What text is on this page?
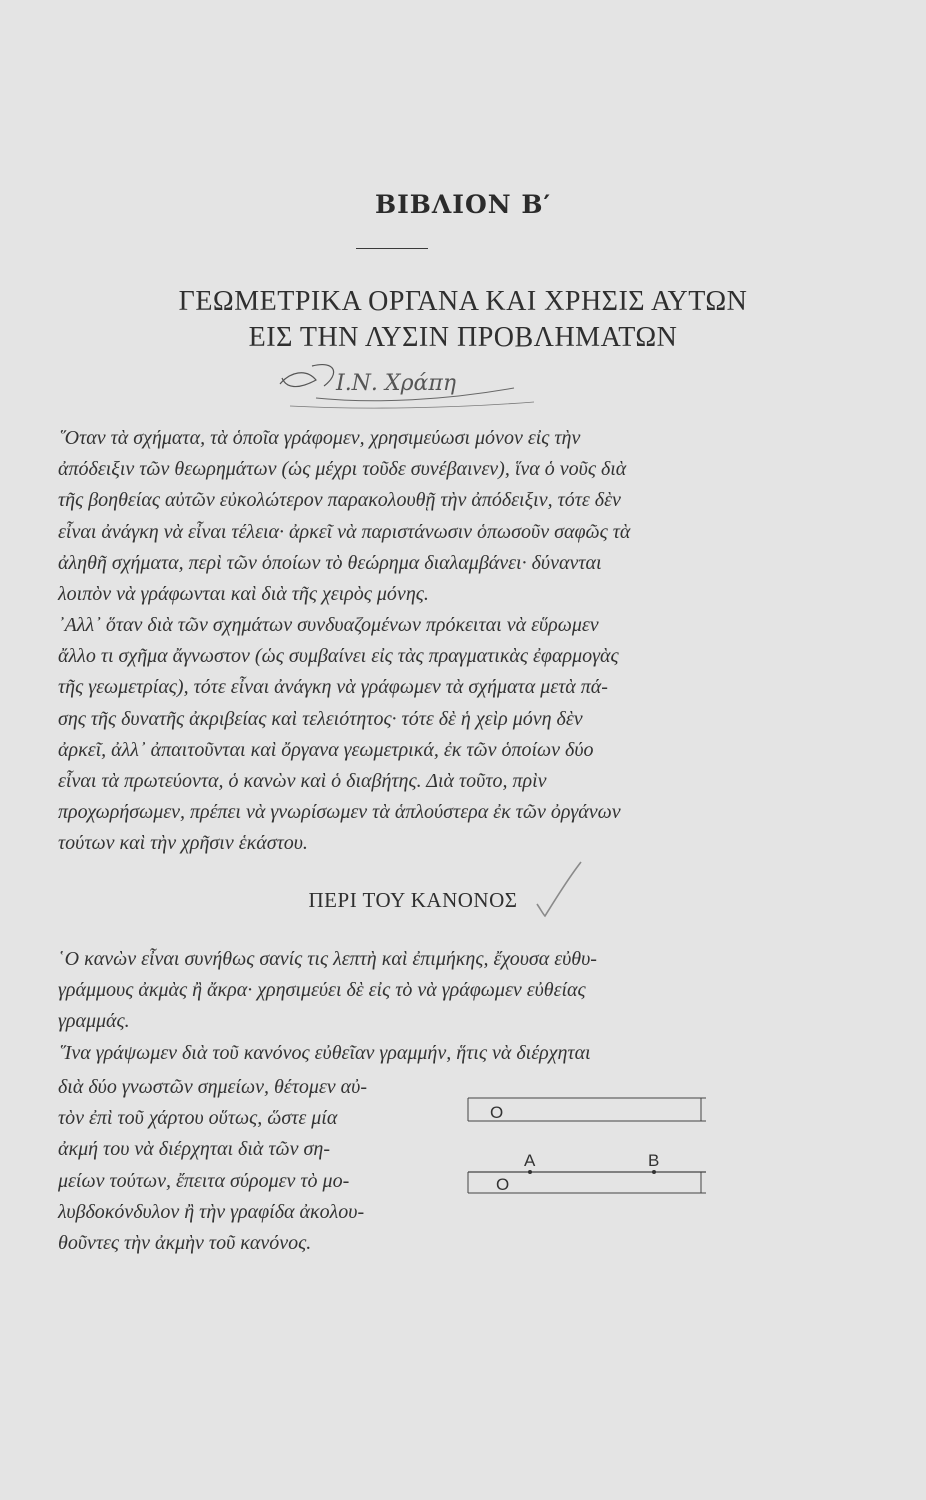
ΒΙΒΛΙΟΝ Β′
ΓΕΩΜΕΤΡΙΚΑ ΟΡΓΑΝΑ ΚΑΙ ΧΡΗΣΙΣ ΑΥΤΩΝ
ΕΙΣ ΤΗΝ ΛΥΣΙΝ ΠΡΟΒΛΗΜΑΤΩΝ
Ι.Ν. Χράπη
῞Οταν τὰ σχήματα, τὰ ὁποῖα γράφομεν, χρησιμεύωσι μόνον εἰς τὴν
ἀπόδειξιν τῶν θεωρημάτων (ὡς μέχρι τοῦδε συνέβαινεν), ἵνα ὁ νοῦς διὰ
τῆς βοηθείας αὐτῶν εὐκολώτερον παρακολουθῇ τὴν ἀπόδειξιν, τότε δὲν
εἶναι ἀνάγκη νὰ εἶναι τέλεια· ἀρκεῖ νὰ παριστάνωσιν ὁπωσοῦν σαφῶς τὰ
ἀληθῆ σχήματα, περὶ τῶν ὁποίων τὸ θεώρημα διαλαμβάνει· δύνανται
λοιπὸν νὰ γράφωνται καὶ διὰ τῆς χειρὸς μόνης.
᾿Αλλ᾽ ὅταν διὰ τῶν σχημάτων συνδυαζομένων πρόκειται νὰ εὕρωμεν
ἄλλο τι σχῆμα ἄγνωστον (ὡς συμβαίνει εἰς τὰς πραγματικὰς ἐφαρμογὰς
τῆς γεωμετρίας), τότε εἶναι ἀνάγκη νὰ γράφωμεν τὰ σχήματα μετὰ πά-
σης τῆς δυνατῆς ἀκριβείας καὶ τελειότητος· τότε δὲ ἡ χεὶρ μόνη δὲν
ἀρκεῖ, ἀλλ᾽ ἀπαιτοῦνται καὶ ὄργανα γεωμετρικά, ἐκ τῶν ὁποίων δύο
εἶναι τὰ πρωτεύοντα, ὁ κανὼν καὶ ὁ διαβήτης. Διὰ τοῦτο, πρὶν
προχωρήσωμεν, πρέπει νὰ γνωρίσωμεν τὰ ἁπλούστερα ἐκ τῶν ὀργάνων
τούτων καὶ τὴν χρῆσιν ἑκάστου.
ΠΕΡΙ ΤΟΥ ΚΑΝΟΝΟΣ
῾Ο κανὼν εἶναι συνήθως σανίς τις λεπτὴ καὶ ἐπιμήκης, ἔχουσα εὐθυ-
γράμμους ἀκμὰς ἢ ἄκρα· χρησιμεύει δὲ εἰς τὸ νὰ γράφωμεν εὐθείας
γραμμάς.
῞Ινα γράψωμεν διὰ τοῦ κανόνος εὐθεῖαν γραμμήν, ἥτις νὰ διέρχηται
διὰ δύο γνωστῶν σημείων, θέτομεν αὐ-
τὸν ἐπὶ τοῦ χάρτου οὕτως, ὥστε μία
ἀκμή του νὰ διέρχηται διὰ τῶν ση-
μείων τούτων, ἔπειτα σύρομεν τὸ μο-
λυβδοκόνδυλον ἢ τὴν γραφίδα ἀκολου-
θοῦντες τὴν ἀκμὴν τοῦ κανόνος.
O
A	B
O
